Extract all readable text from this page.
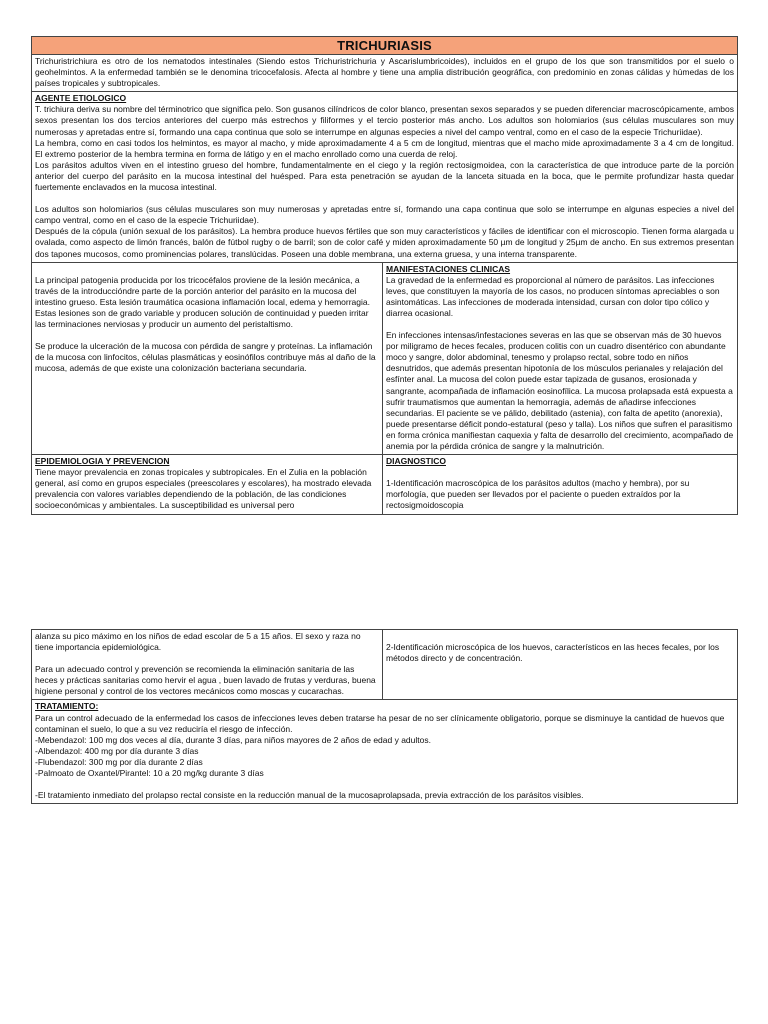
TRICHURIASIS

Trichuristrichiura es otro de los nematodos intestinales (Siendo estos Trichuristrichuria y Ascarislumbricoides), incluidos en el grupo de los que son transmitidos por el suelo o geohelmintos. A la enfermedad también se le denomina tricocefalosis. Afecta al hombre y tiene una amplia distribución geográfica, con predominio en zonas cálidas y húmedas de los países tropicales y subtropicales.

AGENTE ETIOLOGICO

T. trichiura deriva su nombre del términotrico que significa pelo. Son gusanos cilíndricos de color blanco, presentan sexos separados y se pueden diferenciar macroscópicamente, ambos sexos presentan los dos tercios anteriores del cuerpo más estrechos y filiformes y el tercio posterior más ancho. Los adultos son holomiarios (sus células musculares son muy numerosas y apretadas entre sí, formando una capa continua que solo se interrumpe en algunas especies a nivel del campo ventral, como en el caso de la especie Trichuriidae).

La hembra, como en casi todos los helmintos, es mayor al macho, y mide aproximadamente 4 a 5 cm de longitud, mientras que el macho mide aproximadamente 3 a 4 cm de longitud. El extremo posterior de la hembra termina en forma de látigo y en el macho enrollado como una cuerda de reloj.

Los parásitos adultos viven en el intestino grueso del hombre, fundamentalmente en el ciego y la región rectosigmoidea, con la característica de que introduce parte de la porción anterior del cuerpo del parásito en la mucosa intestinal del huésped. Para esta penetración se ayudan de la lanceta situada en la boca, que le permite profundizar hasta quedar fuertemente enclavados en la mucosa intestinal.

Los adultos son holomiarios (sus células musculares son muy numerosas y apretadas entre sí, formando una capa continua que solo se interrumpe en algunas especies a nivel del campo ventral, como en el caso de la especie Trichuriidae).

Después de la cópula (unión sexual de los parásitos). La hembra produce huevos fértiles que son muy característicos y fáciles de identificar con el microscopio. Tienen forma alargada u ovalada, como aspecto de limón francés, balón de fútbol rugby o de barril; son de color café y miden aproximadamente 50 µm de longitud y 25µm de ancho. En sus extremos presentan dos tapones mucosos, como prominencias polares, translúcidas. Poseen una doble membrana, una externa gruesa, y una interna transparente.

La principal patogenia producida por los tricocéfalos proviene de la lesión mecánica, a través de la introduccióndre parte de la porción anterior del parásito en la mucosa del intestino grueso. Esta lesión traumática ocasiona inflamación local, edema y hemorragia. Estas lesiones son de grado variable y producen solución de continuidad y pueden irritar las terminaciones nerviosas y producir un aumento del peristaltismo.

Se produce la ulceración de la mucosa con pérdida de sangre y proteínas. La inflamación de la mucosa con linfocitos, células plasmáticas y eosinófilos contribuye más al daño de la mucosa, además de que existe una colonización bacteriana secundaria.

MANIFESTACIONES CLINICAS

La gravedad de la enfermedad es proporcional al número de parásitos. Las infecciones leves, que constituyen la mayoría de los casos, no producen síntomas apreciables o son asintomáticas. Las infecciones de moderada intensidad, cursan con dolor tipo cólico y diarrea ocasional.

En infecciones intensas/infestaciones severas en las que se observan más de 30 huevos por miligramo de heces fecales, producen colitis con un cuadro disentérico con abundante moco y sangre, dolor abdominal, tenesmo y prolapso rectal, sobre todo en niños desnutridos, que además presentan hipotonía de los músculos perianales y relajación del esfínter anal. La mucosa del colon puede estar tapizada de gusanos, erosionada y sangrante, acompañada de inflamación eosinofílica. La mucosa prolapsada está expuesta a sufrir traumatismos que aumentan la hemorragia, además de añadirse infecciones secundarias. El paciente se ve pálido, debilitado (astenia), con falta de apetito (anorexia), puede presentarse déficit pondo-estatural (peso y talla). Los niños que sufren el parasitismo en forma crónica manifiestan caquexia y falta de desarrollo del crecimiento, acompañado de anemia por la pérdida crónica de sangre y la malnutrición.

EPIDEMIOLOGIA Y PREVENCION

Tiene mayor prevalencia en zonas tropicales y subtropicales. En el Zulia en la población general, así como en grupos especiales (preescolares y escolares), ha mostrado elevada prevalencia con valores variables dependiendo de la población, de las condiciones socioeconómicas y ambientales. La susceptibilidad es universal pero

DIAGNOSTICO

1-Identificación macroscópica de los parásitos adultos (macho y hembra), por su morfología, que pueden ser llevados por el paciente o pueden extraídos por la rectosigmoidoscopia

alanza su pico máximo en los niños de edad escolar de 5 a 15 años. El sexo y raza no tiene importancia epidemiológica.

Para un adecuado control y prevención se recomienda la eliminación sanitaria de las heces y prácticas sanitarias como hervir el agua , buen lavado de frutas y verduras, buena higiene personal y control de los vectores mecánicos como moscas y cucarachas.

2-Identificación microscópica de los huevos, característicos en las heces fecales, por los métodos directo y de concentración.

TRATAMIENTO:

Para un control adecuado de la enfermedad los casos de infecciones leves deben tratarse ha pesar de no ser clínicamente obligatorio, porque se disminuye la cantidad de huevos que contaminan el suelo, lo que a su vez reduciría el riesgo de infección.

-Mebendazol: 100 mg dos veces al día, durante 3 días, para niños mayores de 2 años de edad y adultos.

-Albendazol: 400 mg por día durante 3 días

-Flubendazol: 300 mg por día durante 2 días

-Palmoato de Oxantel/Pirantel: 10 a 20 mg/kg durante 3 días

-El tratamiento inmediato del prolapso rectal consiste en la reducción manual de la mucosaprolapsada, previa extracción de los parásitos visibles.
